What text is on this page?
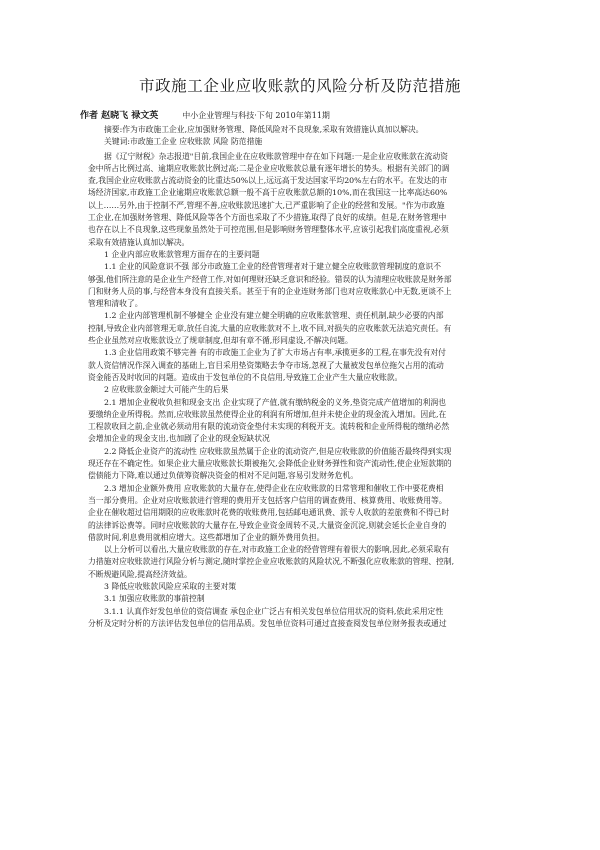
市政施工企业应收账款的风险分析及防范措施
作者 赵晓飞 禄文英	中小企业管理与科技·下旬 2010年第11期
摘要:作为市政施工企业,应加强财务管理、降低风险对不良现象,采取有效措施认真加以解决。
关键词:市政施工企业 应收账款 风险 防范措施
据《辽宁财税》杂志报道"目前,我国企业在应收账款管理中存在如下问题:一是企业应收账款在流动资
金中所占比例过高、逾期应收账款比例过高;二是企业应收账款总量有逐年增长的势头。根据有关部门的调
查,我国企业应收账款占流动资金的比重达50%以上,远远高于发达国家平均20%左右的水平。在发达的市
场经济国家,市政施工企业逾期应收账款总额一般不高于应收账款总额的10%,而在我国这一比率高达60%
以上……另外,由于控制不严,管理不善,应收账款迅速扩大,已严重影响了企业的经营和发展。"作为市政施
工企业,在加强财务管理、降低风险等各个方面也采取了不少措施,取得了良好的成绩。但是,在财务管理中
也存在以上不良现象,这些现象虽然处于可控范围,但是影响财务管理整体水平,应该引起我们高度重视,必须
采取有效措施认真加以解决。
1 企业内部应收账款管理方面存在的主要问题
1.1 企业的风险意识不强 部分市政施工企业的经营管理者对于建立健全应收账款管理制度的意识不
够强,他们所注意的是企业生产经营工作,对如何理财还缺乏意识和经验。错误的认为清理应收账款是财务部
门和财务人员的事,与经营本身没有直接关系。甚至于有的企业连财务部门也对应收账款心中无数,更谈不上
管理和清收了。
1.2 企业内部管理机制不够健全 企业没有建立健全明确的应收账款管理、责任机制,缺少必要的内部
控制,导致企业内部管理无章,放任自流,大量的应收账款对不上,收不回,对损失的应收账款无法追究责任。有
些企业虽然对应收账款设立了规章制度,但却有章不循,形同虚设,不解决问题。
1.3 企业信用政策不够完善 有的市政施工企业为了扩大市场占有率,承揽更多的工程,在事先没有对付
款人资信情况作深入调查的基础上,盲目采用垫资策略去争夺市场,忽视了大量被发包单位拖欠占用的流动
资金能否及时收回的问题。造成由于发包单位的不良信用,导致施工企业产生大量应收账款。
2 应收账款金额过大可能产生的后果
2.1 增加企业税收负担和现金支出 企业实现了产值,就有缴纳税金的义务,垫资完成产值增加的利润也
要缴纳企业所得税。然而,应收账款虽然使得企业的利润有所增加,但并未使企业的现金流入增加。因此,在
工程款收回之前,企业就必须动用有限的流动资金垫付未实现的利税开支。流转税和企业所得税的缴纳必然
会增加企业的现金支出,也加剧了企业的现金短缺状况
2.2 降低企业资产的流动性 应收账款虽然属于企业的流动资产,但是应收账款的价值能否最终得到实现
现还存在不确定性。如果企业大量应收账款长期被拖欠,会降低企业财务弹性和资产流动性,使企业短款期的
偿债能力下降,难以通过负债筹资解决资金的相对不足问题,容易引发财务危机。
2.3 增加企业额外费用 应收账款的大量存在,使得企业在应收账款的日常管理和催收工作中要花费相
当一部分费用。企业对应收账款进行管理的费用开支包括客户信用的调查费用、核算费用、收账费用等。
企业在催收超过信用期限的应收账款时花费的收账费用,包括邮电通讯费、派专人收款的差旅费和不得已时
的法律诉讼费等。同时应收账款的大量存在,导致企业资金周转不灵,大量资金沉淀,则就会延长企业自身的
借款时间,利息费用就相应增大。这些都增加了企业的额外费用负担。
以上分析可以看出,大量应收账款的存在,对市政施工企业的经营管理有着很大的影响,因此,必须采取有
力措施对应收账款进行风险分析与测定,随时掌控企业应收账款的风险状况,不断强化应收账款的管理、控制,
不断规避风险,提高经济效益。
3 降低应收账款风险应采取的主要对策
3.1 加强应收账款的事前控制
3.1.1 认真作好发包单位的资信调查 承包企业广泛占有相关发包单位信用状况的资料,依此采用定性
分析及定时分析的方法评估发包单位的信用品质。发包单位资料可通过直接查阅发包单位财务报表或通过
